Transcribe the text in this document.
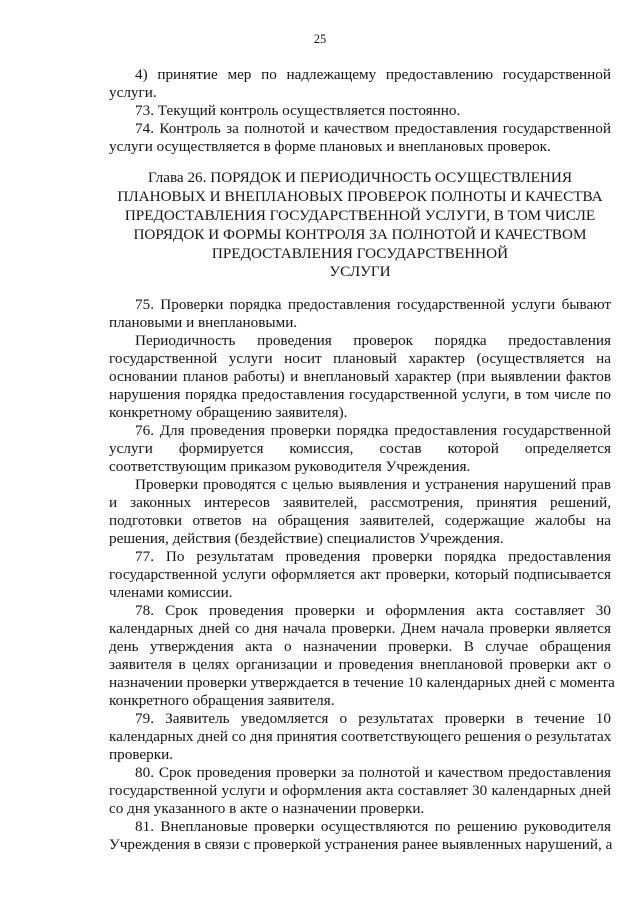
25
4) принятие мер по надлежащему предоставлению государственной
услуги.
73. Текущий контроль осуществляется постоянно.
74. Контроль за полнотой и качеством предоставления государственной
услуги осуществляется в форме плановых и внеплановых проверок.
Глава 26. ПОРЯДОК И ПЕРИОДИЧНОСТЬ ОСУЩЕСТВЛЕНИЯ
ПЛАНОВЫХ И ВНЕПЛАНОВЫХ ПРОВЕРОК ПОЛНОТЫ И КАЧЕСТВА
ПРЕДОСТАВЛЕНИЯ ГОСУДАРСТВЕННОЙ УСЛУГИ, В ТОМ ЧИСЛЕ
ПОРЯДОК И ФОРМЫ КОНТРОЛЯ ЗА ПОЛНОТОЙ И КАЧЕСТВОМ
ПРЕДОСТАВЛЕНИЯ ГОСУДАРСТВЕННОЙ
УСЛУГИ
75. Проверки порядка предоставления государственной услуги бывают
плановыми и внеплановыми.
Периодичность проведения проверок порядка предоставления
государственной услуги носит плановый характер (осуществляется на
основании планов работы) и внеплановый характер (при выявлении фактов
нарушения порядка предоставления государственной услуги, в том числе по
конкретному обращению заявителя).
76. Для проведения проверки порядка предоставления государственной
услуги формируется комиссия, состав которой определяется
соответствующим приказом руководителя Учреждения.
Проверки проводятся с целью выявления и устранения нарушений прав
и законных интересов заявителей, рассмотрения, принятия решений,
подготовки ответов на обращения заявителей, содержащие жалобы на
решения, действия (бездействие) специалистов Учреждения.
77. По результатам проведения проверки порядка предоставления
государственной услуги оформляется акт проверки, который подписывается
членами комиссии.
78. Срок проведения проверки и оформления акта составляет 30
календарных дней со дня начала проверки. Днем начала проверки является
день утверждения акта о назначении проверки. В случае обращения
заявителя в целях организации и проведения внеплановой проверки акт о
назначении проверки утверждается в течение 10 календарных дней с момента
конкретного обращения заявителя.
79. Заявитель уведомляется о результатах проверки в течение 10
календарных дней со дня принятия соответствующего решения о результатах
проверки.
80. Срок проведения проверки за полнотой и качеством предоставления
государственной услуги и оформления акта составляет 30 календарных дней
со дня указанного в акте о назначении проверки.
81. Внеплановые проверки осуществляются по решению руководителя
Учреждения в связи с проверкой устранения ранее выявленных нарушений, а
